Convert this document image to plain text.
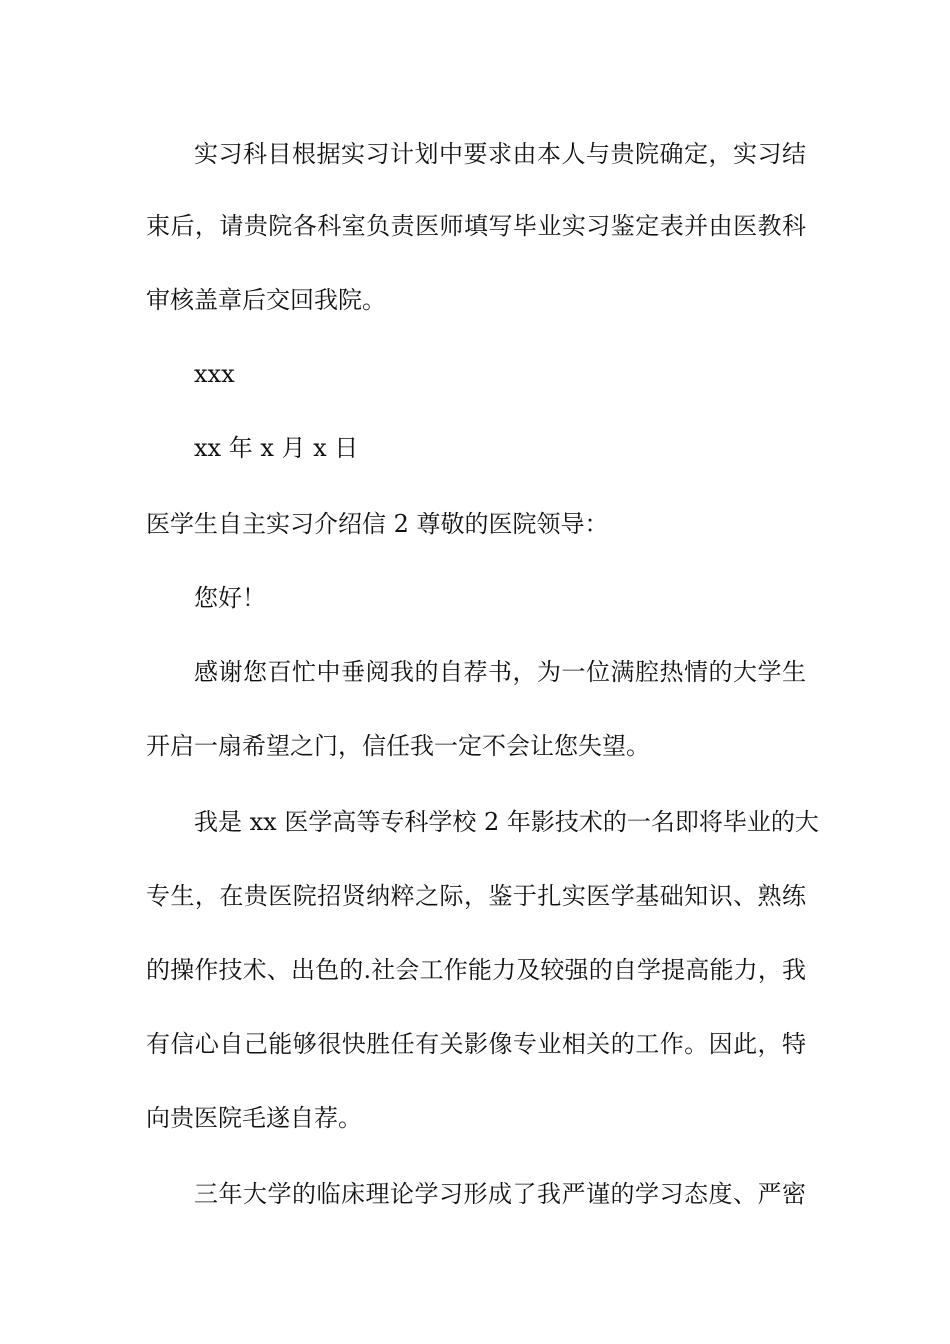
实习科目根据实习计划中要求由本人与贵院确定，实习结
束后，请贵院各科室负责医师填写毕业实习鉴定表并由医教科
审核盖章后交回我院。
xxx
xx 年 x 月 x 日
医学生自主实习介绍信 2 尊敬的医院领导：
您好！
感谢您百忙中垂阅我的自荐书，为一位满腔热情的大学生
开启一扇希望之门，信任我一定不会让您失望。
我是 xx 医学高等专科学校 2 年影技术的一名即将毕业的大
专生，在贵医院招贤纳粹之际，鉴于扎实医学基础知识、熟练
的操作技术、出色的.社会工作能力及较强的自学提高能力，我
有信心自己能够很快胜任有关影像专业相关的工作。因此，特
向贵医院毛遂自荐。
三年大学的临床理论学习形成了我严谨的学习态度、严密
